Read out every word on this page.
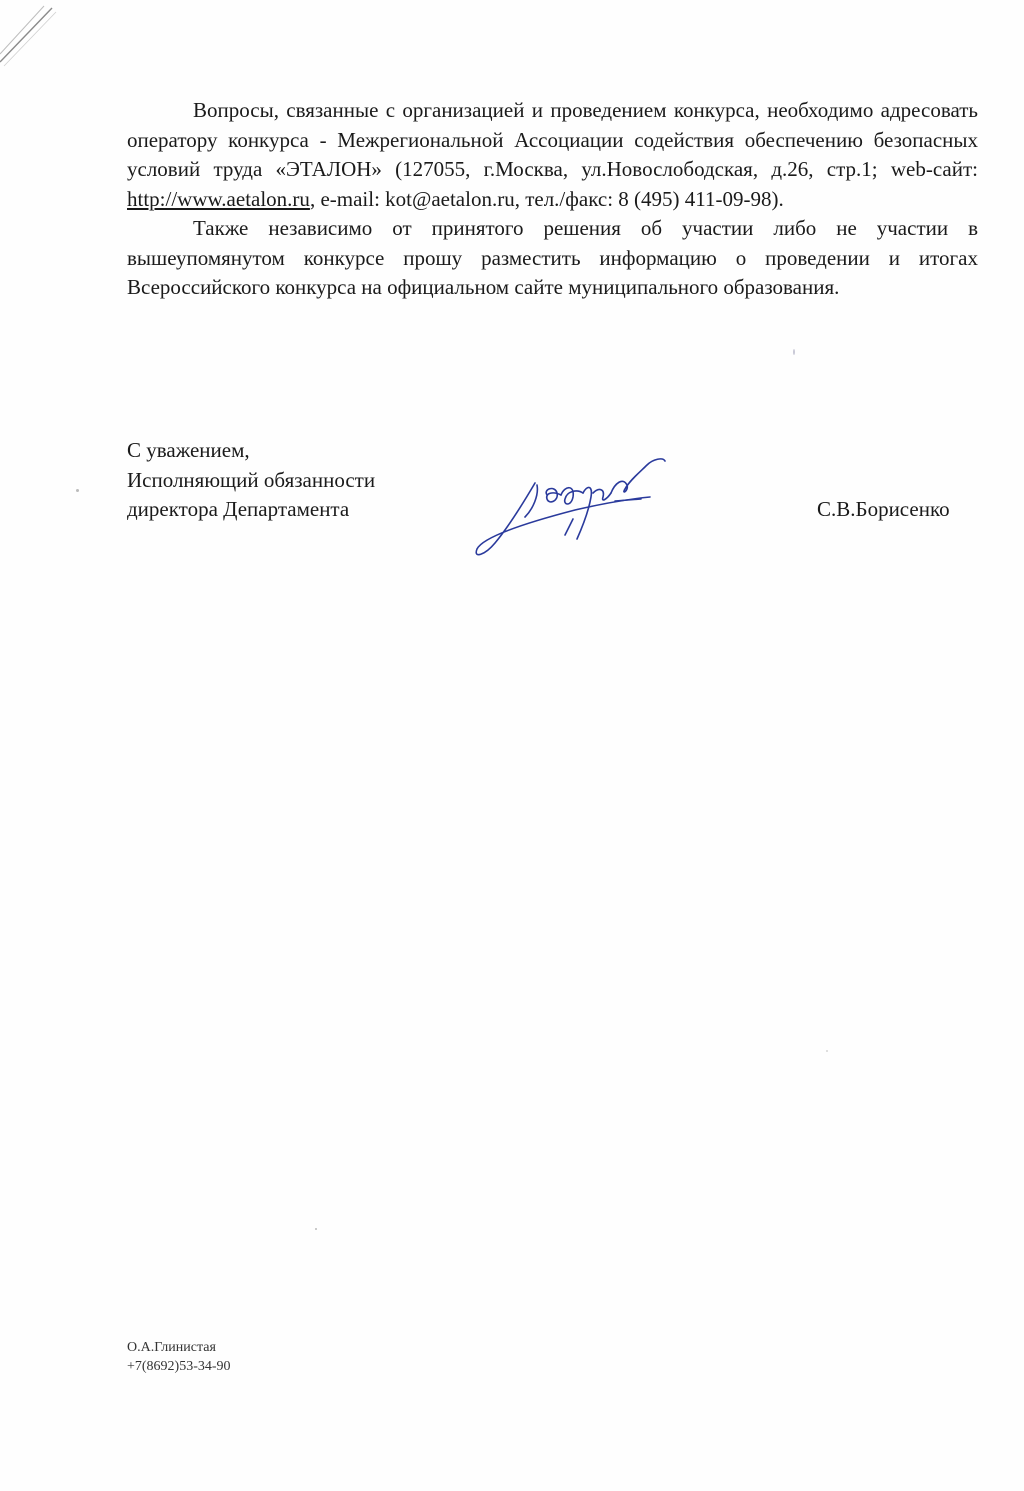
Вопросы, связанные с организацией и проведением конкурса, необходимо адресовать оператору конкурса - Межрегиональной Ассоциации содействия обеспечению безопасных условий труда «ЭТАЛОН» (127055, г.Москва, ул.Новослободская, д.26, стр.1; web-сайт: http://www.aetalon.ru, e-mail: kot@aetalon.ru, тел./факс: 8 (495) 411-09-98).

Также независимо от принятого решения об участии либо не участии в вышеупомянутом конкурсе прошу разместить информацию о проведении и итогах Всероссийского конкурса на официальном сайте муниципального образования.

С уважением,
Исполняющий обязанности
директора Департамента	С.В.Борисенко
О.А.Глинистая
+7(8692)53-34-90
